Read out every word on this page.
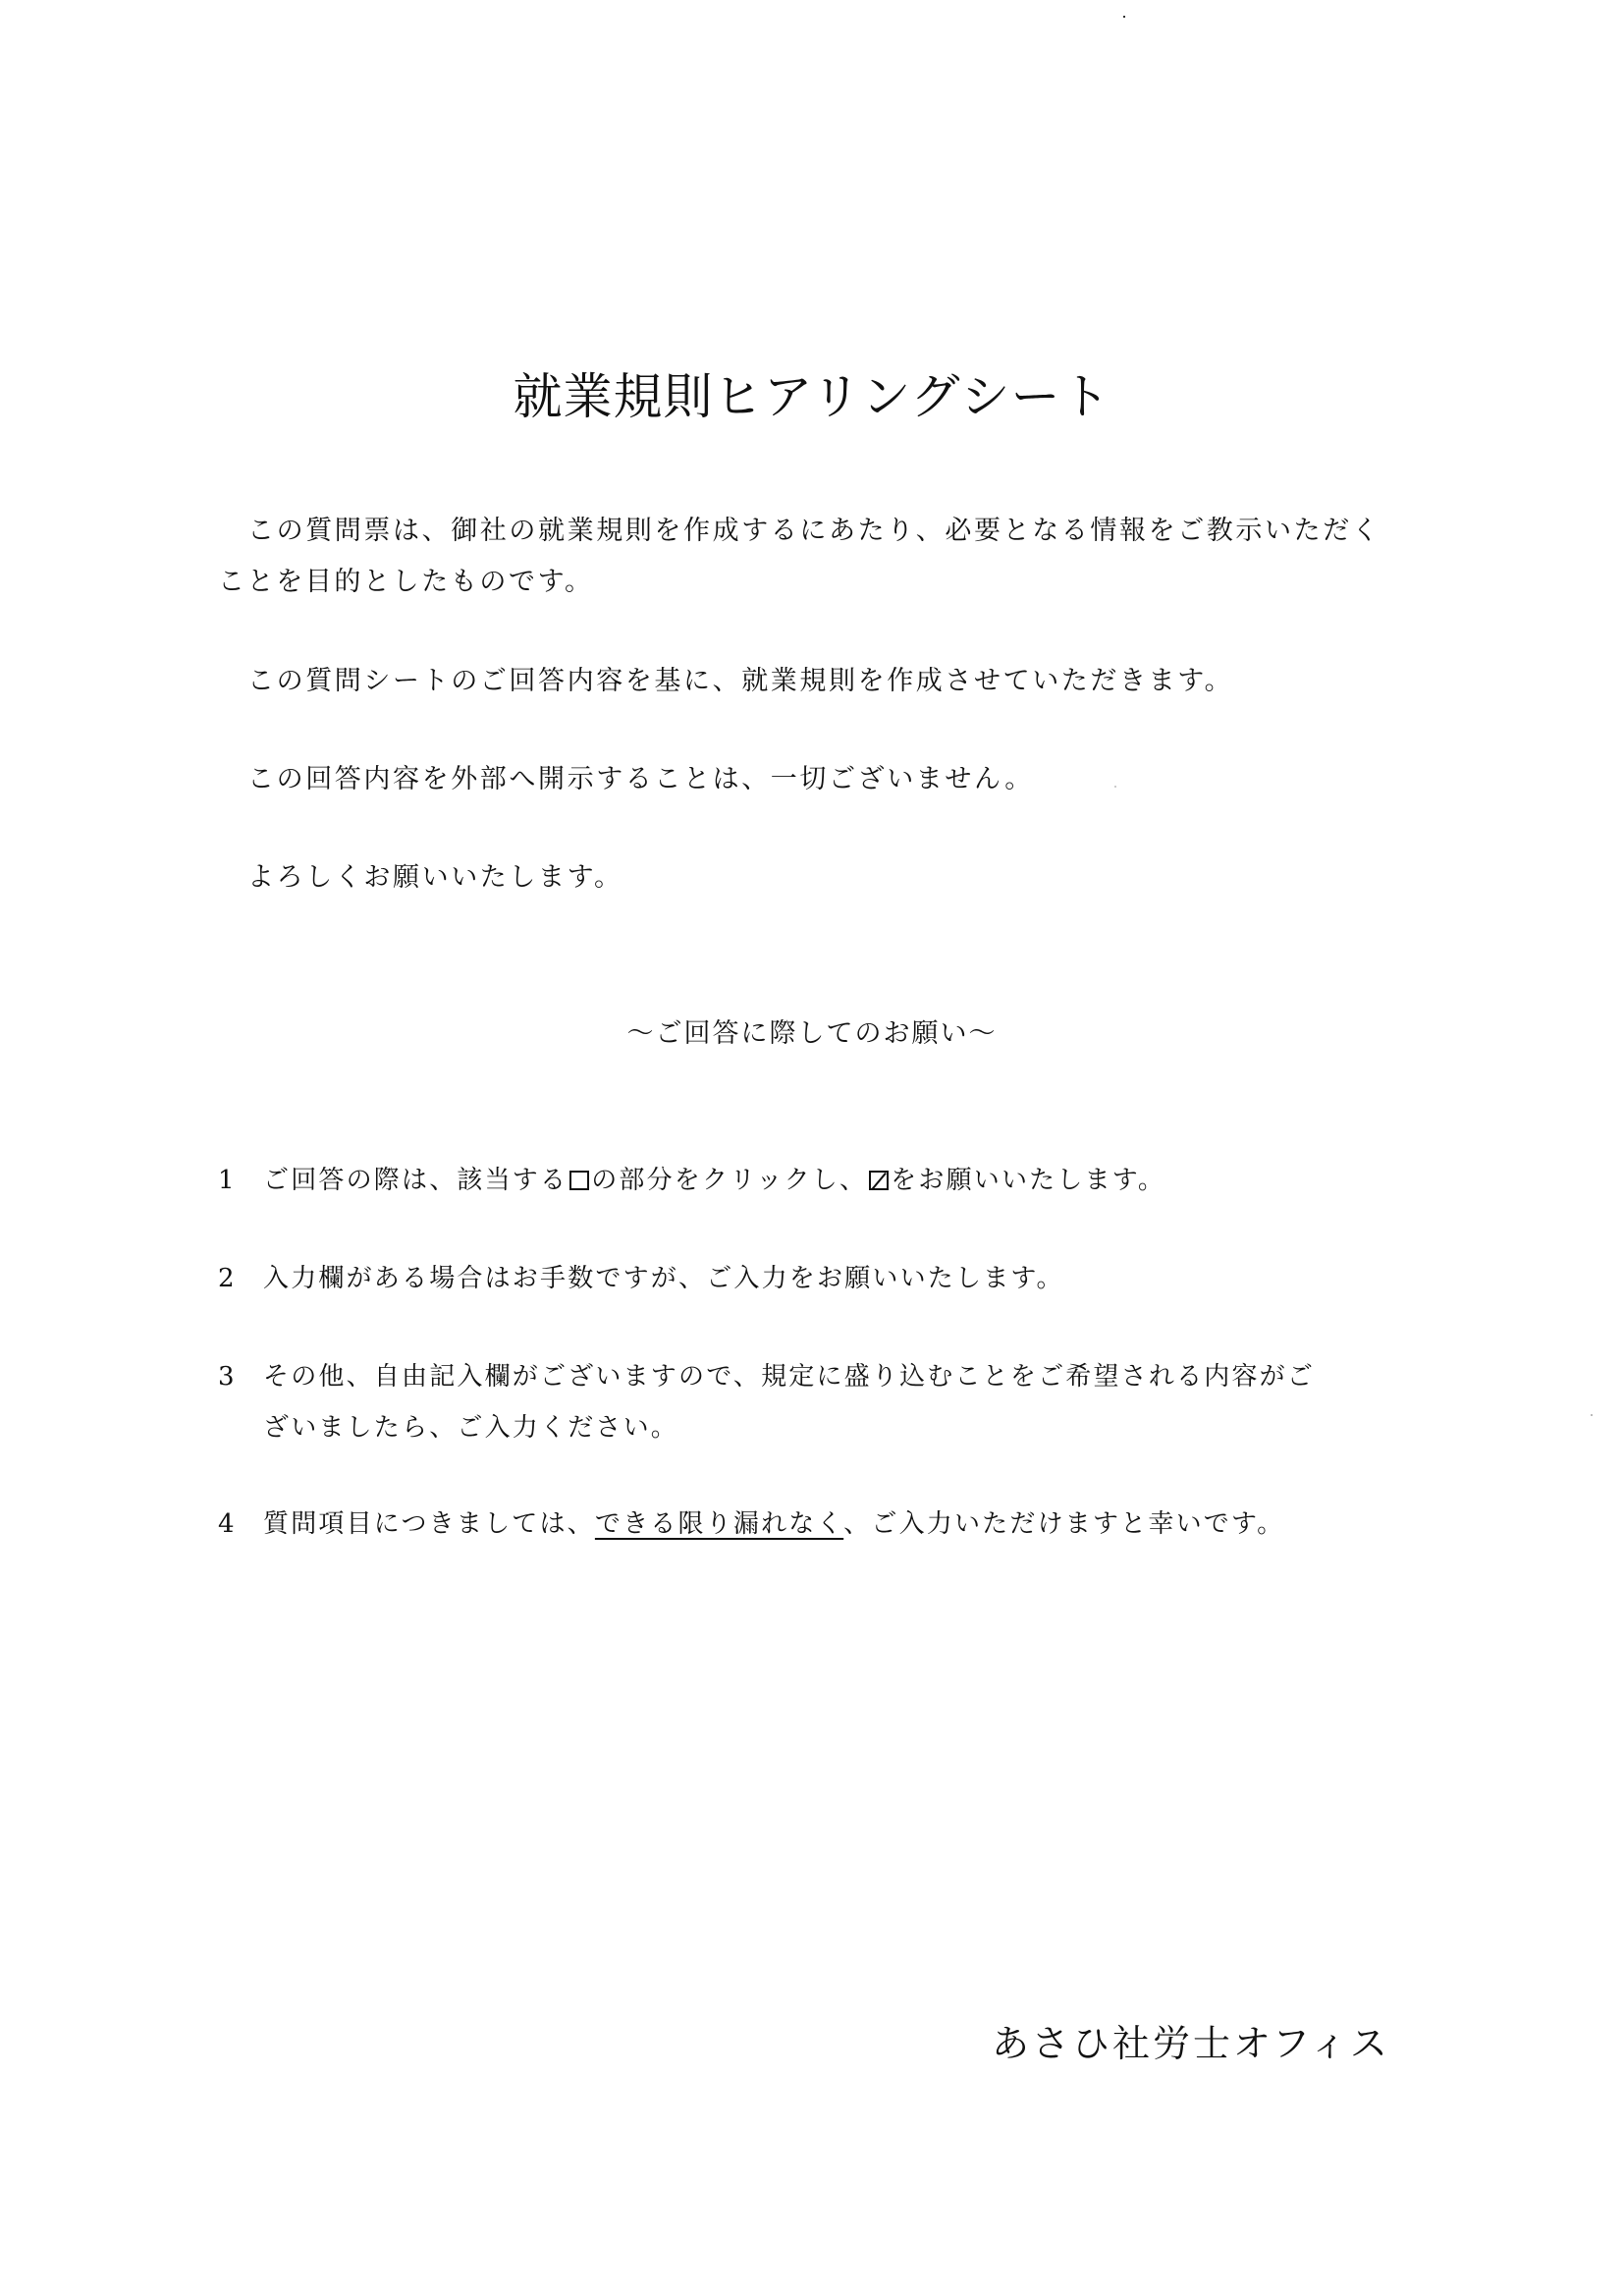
就業規則ヒアリングシート
この質問票は、御社の就業規則を作成するにあたり、必要となる情報をご教示いただく
ことを目的としたものです。
この質問シートのご回答内容を基に、就業規則を作成させていただきます。
この回答内容を外部へ開示することは、一切ございません。
よろしくお願いいたします。
～ご回答に際してのお願い～
1 ご回答の際は、該当する の部分をクリックし、 をお願いいたします。
2 入力欄がある場合はお手数ですが、ご入力をお願いいたします。
3 その他、自由記入欄がございますので、規定に盛り込むことをご希望される内容がご
ざいましたら、ご入力ください。
4 質問項目につきましては、できる限り漏れなく、ご入力いただけますと幸いです。
あさひ社労士オフィス
